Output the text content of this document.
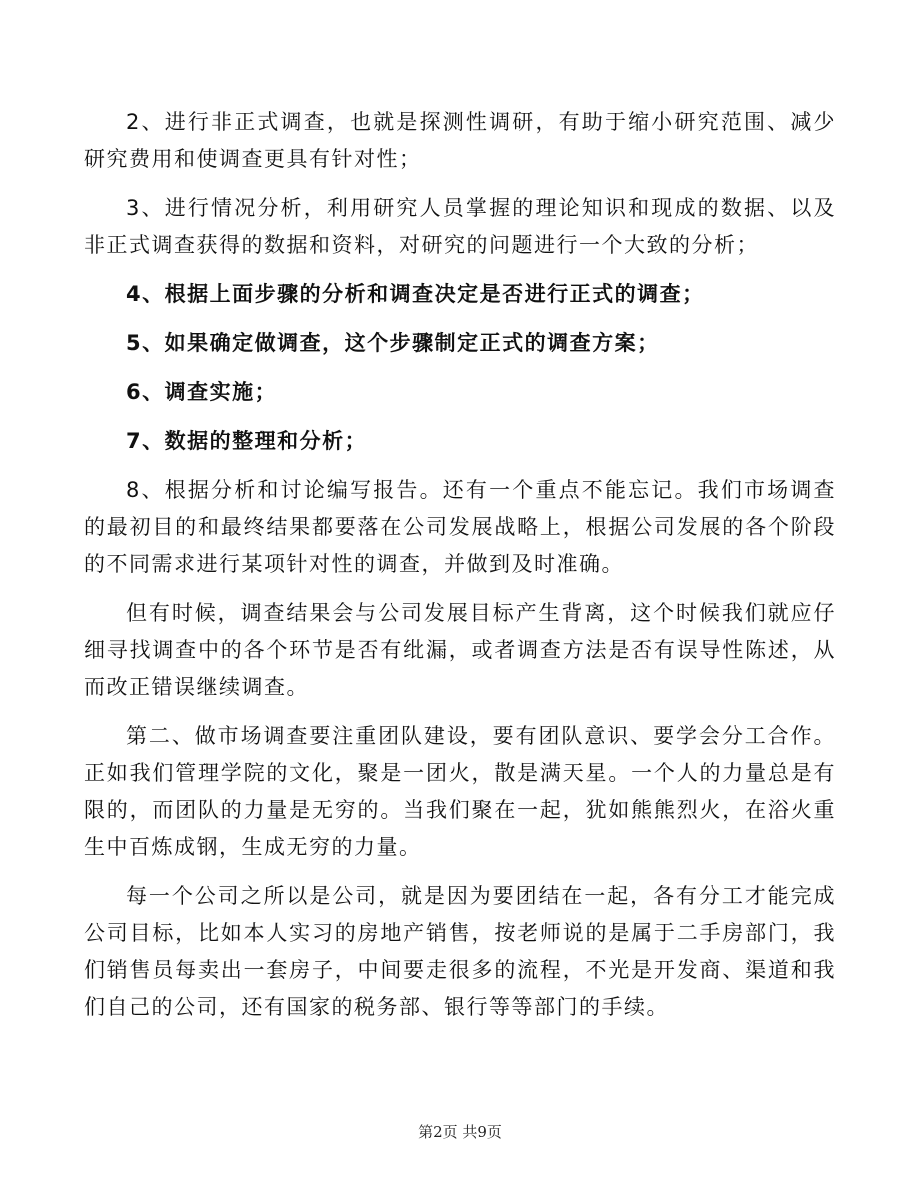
2、进行非正式调查，也就是探测性调研，有助于缩小研究范围、减少研究费用和使调查更具有针对性；

3、进行情况分析，利用研究人员掌握的理论知识和现成的数据、以及非正式调查获得的数据和资料，对研究的问题进行一个大致的分析；

4、根据上面步骤的分析和调查决定是否进行正式的调查；

5、如果确定做调查，这个步骤制定正式的调查方案；

6、调查实施；

7、数据的整理和分析；

8、根据分析和讨论编写报告。还有一个重点不能忘记。我们市场调查的最初目的和最终结果都要落在公司发展战略上，根据公司发展的各个阶段的不同需求进行某项针对性的调查，并做到及时准确。

但有时候，调查结果会与公司发展目标产生背离，这个时候我们就应仔细寻找调查中的各个环节是否有纰漏，或者调查方法是否有误导性陈述，从而改正错误继续调查。

第二、做市场调查要注重团队建设，要有团队意识、要学会分工合作。正如我们管理学院的文化，聚是一团火，散是满天星。一个人的力量总是有限的，而团队的力量是无穷的。当我们聚在一起，犹如熊熊烈火，在浴火重生中百炼成钢，生成无穷的力量。

每一个公司之所以是公司，就是因为要团结在一起，各有分工才能完成公司目标，比如本人实习的房地产销售，按老师说的是属于二手房部门，我们销售员每卖出一套房子，中间要走很多的流程，不光是开发商、渠道和我们自己的公司，还有国家的税务部、银行等等部门的手续。

第2页 共9页
